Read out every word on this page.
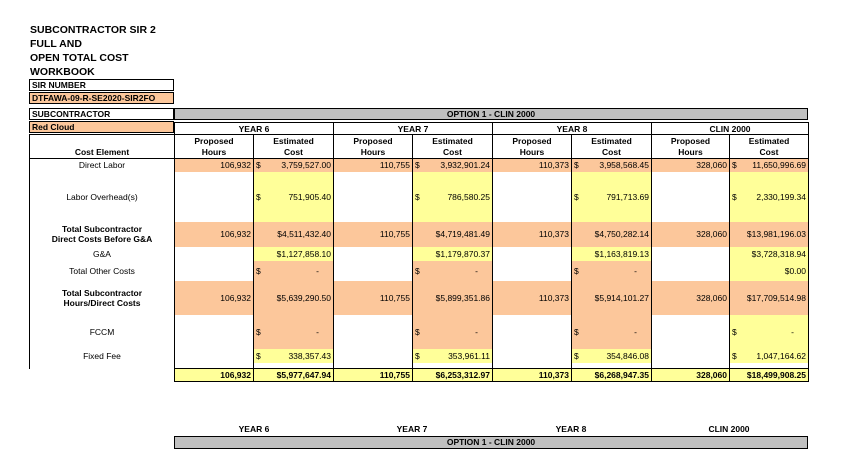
SUBCONTRACTOR SIR 2
FULL AND
OPEN TOTAL COST
WORKBOOK
SIR NUMBER
DTFAWA-09-R-SE2020-SIR2FO
SUBCONTRACTOR
Red Cloud
OPTION 1 - CLIN 2000
	YEAR 6		YEAR 7		YEAR 8		CLIN 2000	
	Proposed	Estimated	Proposed	Estimated	Proposed	Estimated	Proposed	Estimated
Cost Element	Hours	Cost	Hours	Cost	Hours	Cost	Hours	Cost
Direct Labor	106,932	$ 3,759,527.00	110,755	$ 3,932,901.24	110,373	$ 3,958,568.45	328,060	$ 11,650,996.69

Labor Overhead(s)		$ 751,905.40		$ 786,580.25		$ 791,713.69		$ 2,330,199.34

Total Subcontractor
Direct Costs Before G&A	106,932	$4,511,432.40	110,755	$4,719,481.49	110,373	$4,750,282.14	328,060	$13,981,196.03

G&A		$1,127,858.10		$1,179,870.37		$1,163,819.13		$3,728,318.94

Total Other Costs		$ -		$ -		$ -		$0.00

Total Subcontractor
Hours/Direct Costs	106,932	$5,639,290.50	110,755	$5,899,351.86	110,373	$5,914,101.27	328,060	$17,709,514.98

FCCM		$ -		$ -		$ -		$ -

Fixed Fee		$ 338,357.43		$ 353,961.11		$ 354,846.08		$ 1,047,164.62

	106,932	$5,977,647.94	110,755	$6,253,312.97	110,373	$6,268,947.35	328,060	$18,499,908.25
YEAR 6	YEAR 7	YEAR 8	CLIN 2000
OPTION 1 - CLIN 2000
